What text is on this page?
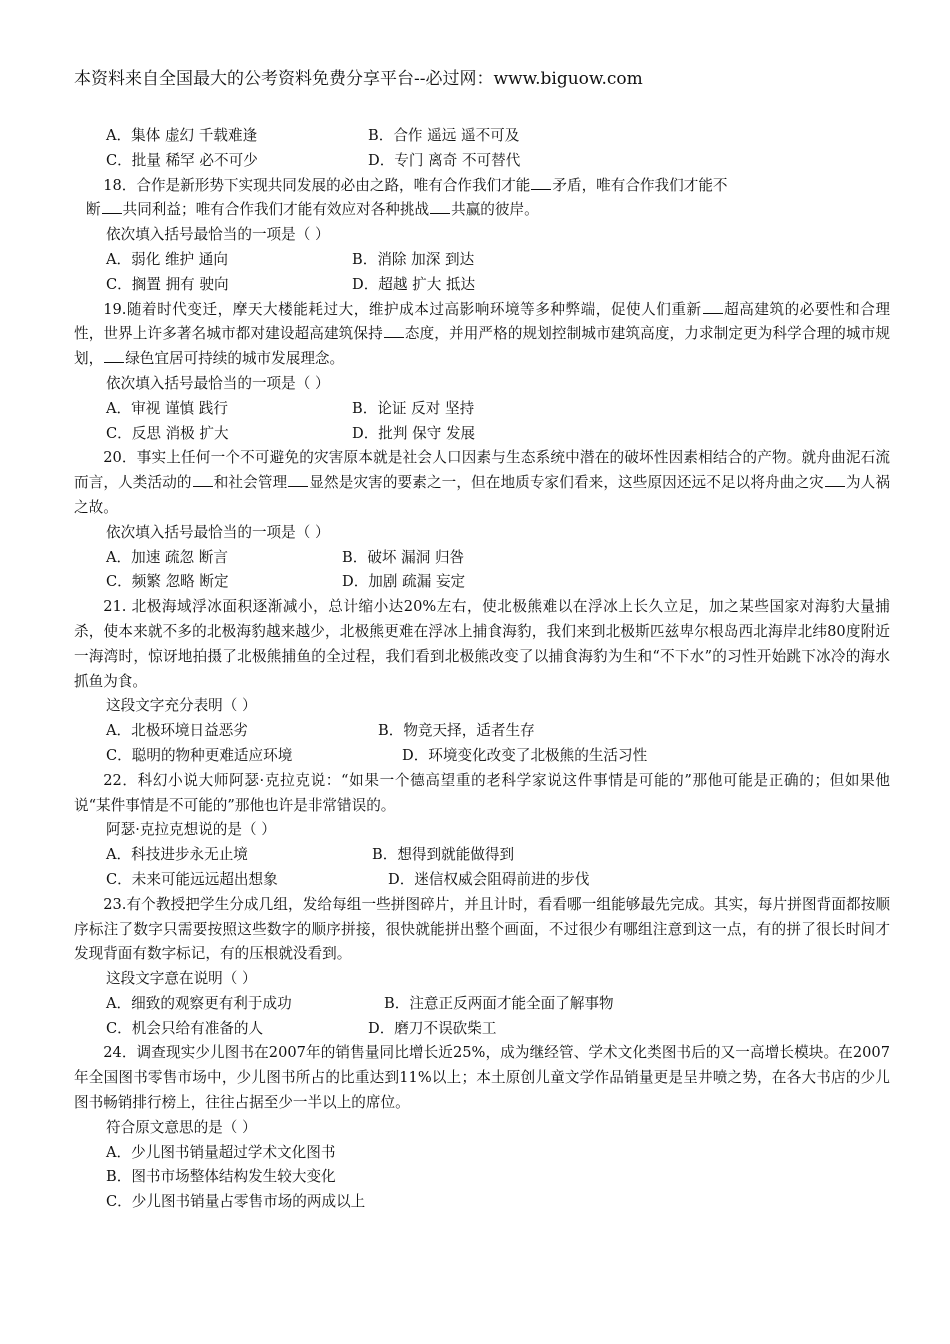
本资料来自全国最大的公考资料免费分享平台--必过网：www.biguow.com
A．集体 虚幻 千载难逢	B．合作 遥远 遥不可及
C．批量 稀罕 必不可少	D．专门 离奇 不可替代

18．合作是新形势下实现共同发展的必由之路，唯有合作我们才能 矛盾，唯有合作我们才能不

断 共同利益；唯有合作我们才能有效应对各种挑战 共赢的彼岸。

依次填入括号最恰当的一项是（ ）

A．弱化 维护 通向	B．消除 加深 到达
C．搁置 拥有 驶向	D．超越 扩大 抵达

19.随着时代变迁，摩天大楼能耗过大，维护成本过高影响环境等多种弊端，促使人们重新 超高建筑的必要性和合理性，世界上许多著名城市都对建设超高建筑保持 态度，并用严格的规划控制城市建筑高度，力求制定更为科学合理的城市规划， 绿色宜居可持续的城市发展理念。

依次填入括号最恰当的一项是（ ）

A．审视 谨慎 践行	B．论证 反对 坚持
C．反思 消极 扩大	D．批判 保守 发展

20．事实上任何一个不可避免的灾害原本就是社会人口因素与生态系统中潜在的破坏性因素相结合的产物。就舟曲泥石流而言，人类活动的 和社会管理 显然是灾害的要素之一，但在地质专家们看来，这些原因还远不足以将舟曲之灾 为人祸之故。

依次填入括号最恰当的一项是（ ）

A．加速 疏忽 断言	B．破坏 漏洞 归咎
C．频繁 忽略 断定	D．加剧 疏漏 妄定

21. 北极海域浮冰面积逐渐减小，总计缩小达20%左右，使北极熊难以在浮冰上长久立足，加之某些国家对海豹大量捕杀，使本来就不多的北极海豹越来越少，北极熊更难在浮冰上捕食海豹，我们来到北极斯匹兹卑尔根岛西北海岸北纬80度附近一海湾时，惊讶地拍摄了北极熊捕鱼的全过程，我们看到北极熊改变了以捕食海豹为生和“不下水”的习性开始跳下冰冷的海水抓鱼为食。

这段文字充分表明（ ）

A．北极环境日益恶劣	B．物竞天择，适者生存
C．聪明的物种更难适应环境	D．环境变化改变了北极熊的生活习性

22．科幻小说大师阿瑟·克拉克说：“如果一个德高望重的老科学家说这件事情是可能的”那他可能是正确的；但如果他说“某件事情是不可能的”那他也许是非常错误的。

阿瑟·克拉克想说的是（ ）

A．科技进步永无止境	B．想得到就能做得到
C．未来可能远远超出想象	D．迷信权威会阻碍前进的步伐

23.有个教授把学生分成几组，发给每组一些拼图碎片，并且计时，看看哪一组能够最先完成。其实，每片拼图背面都按顺序标注了数字只需要按照这些数字的顺序拼接，很快就能拼出整个画面，不过很少有哪组注意到这一点，有的拼了很长时间才发现背面有数字标记，有的压根就没看到。

这段文字意在说明（ ）

A．细致的观察更有利于成功	B．注意正反两面才能全面了解事物
C．机会只给有准备的人	D．磨刀不误砍柴工

24．调查现实少儿图书在2007年的销售量同比增长近25%，成为继经管、学术文化类图书后的又一高增长模块。在2007年全国图书零售市场中，少儿图书所占的比重达到11%以上；本土原创儿童文学作品销量更是呈井喷之势，在各大书店的少儿图书畅销排行榜上，往往占据至少一半以上的席位。

符合原文意思的是（ ）

A．少儿图书销量超过学术文化图书

B．图书市场整体结构发生较大变化

C．少儿图书销量占零售市场的两成以上
